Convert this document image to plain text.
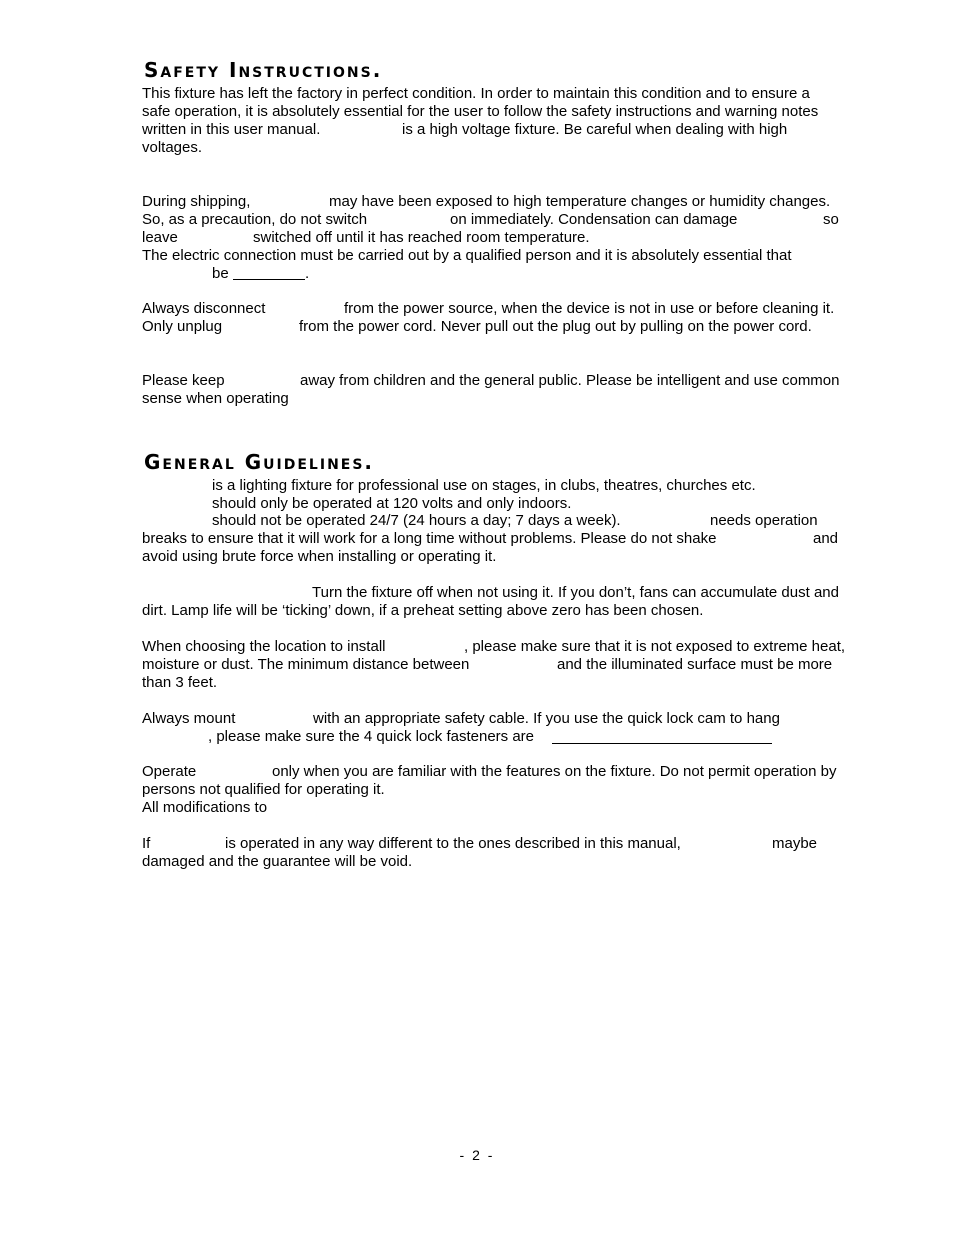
Safety Instructions.
This fixture has left the factory in perfect condition. In order to maintain this condition and to ensure a
safe operation, it is absolutely essential for the user to follow the safety instructions and warning notes
written in this user manual.	is a high voltage fixture. Be careful when dealing with high
voltages.
During shipping,	may have been exposed to high temperature changes or humidity changes.
So, as a precaution, do not switch	on immediately. Condensation can damage	so
leave	switched off until it has reached room temperature.
The electric connection must be carried out by a qualified person and it is absolutely essential that
be	.
Always disconnect	from the power source, when the device is not in use or before cleaning it.
Only unplug	from the power cord. Never pull out the plug out by pulling on the power cord.
Please keep	away from children and the general public. Please be intelligent and use common
sense when operating
General Guidelines.
is a lighting fixture for professional use on stages, in clubs, theatres, churches etc.
should only be operated at 120 volts and only indoors.
should not be operated 24/7 (24 hours a day; 7 days a week).	needs operation
breaks to ensure that it will work for a long time without problems. Please do not shake	and
avoid using brute force when installing or operating it.
Turn the fixture off when not using it. If you don’t, fans can accumulate dust and
dirt. Lamp life will be ‘ticking’ down, if a preheat setting above zero has been chosen.
When choosing the location to install	, please make sure that it is not exposed to extreme heat,
moisture or dust. The minimum distance between	and the illuminated surface must be more
than 3 feet.
Always mount	with an appropriate safety cable. If you use the quick lock cam to hang
, please make sure the 4 quick lock fasteners are
Operate	only when you are familiar with the features on the fixture. Do not permit operation by
persons not qualified for operating it.
All modifications to
If	is operated in any way different to the ones described in this manual,	maybe
damaged and the guarantee will be void.
- 2 -
